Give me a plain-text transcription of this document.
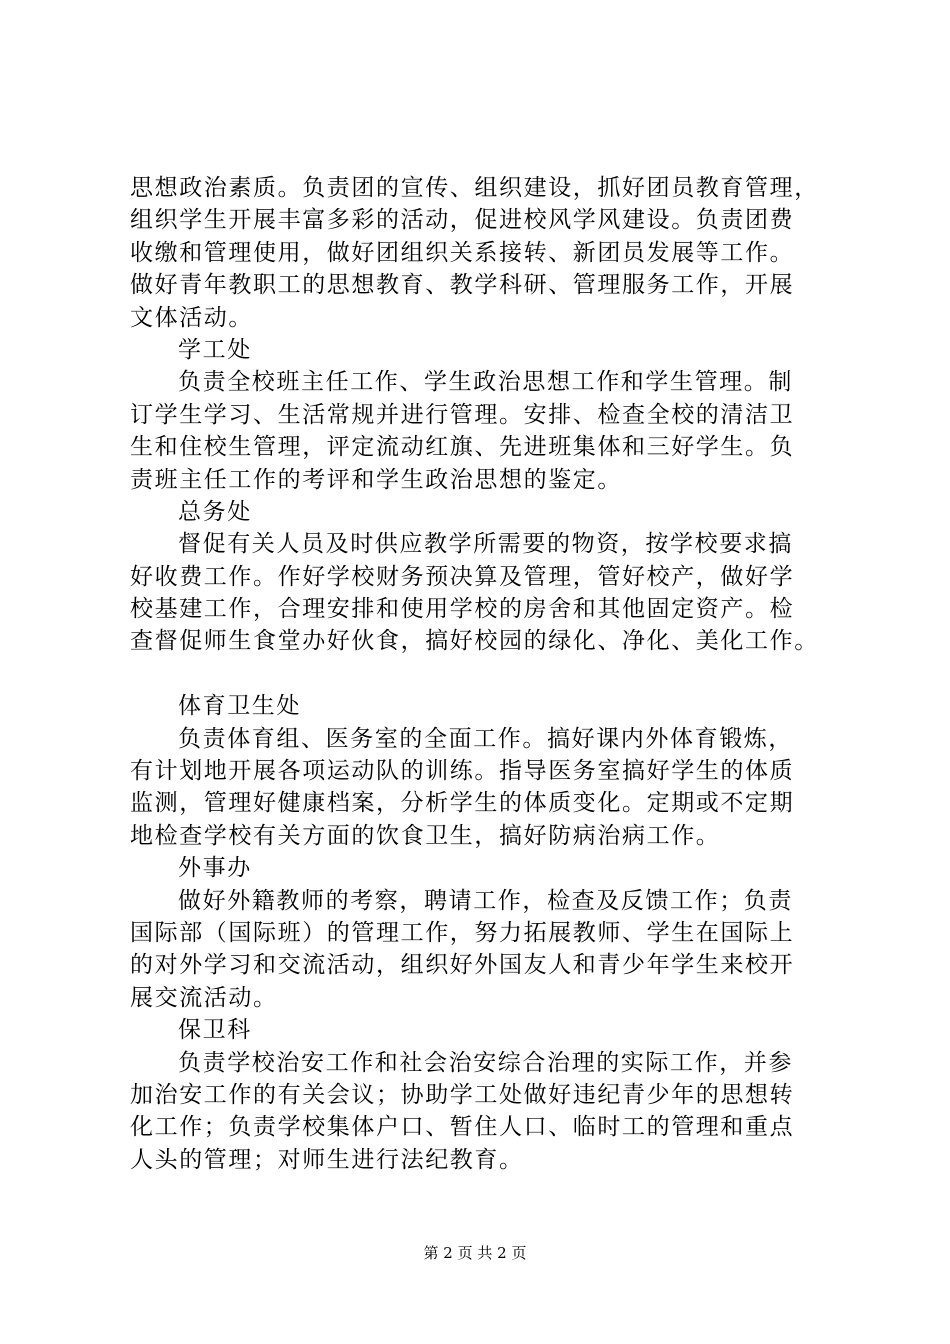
思想政治素质。负责团的宣传、组织建设，抓好团员教育管理，
组织学生开展丰富多彩的活动，促进校风学风建设。负责团费
收缴和管理使用，做好团组织关系接转、新团员发展等工作。
做好青年教职工的思想教育、教学科研、管理服务工作，开展
文体活动。
学工处
负责全校班主任工作、学生政治思想工作和学生管理。制
订学生学习、生活常规并进行管理。安排、检查全校的清洁卫
生和住校生管理，评定流动红旗、先进班集体和三好学生。负
责班主任工作的考评和学生政治思想的鉴定。
总务处
督促有关人员及时供应教学所需要的物资，按学校要求搞
好收费工作。作好学校财务预决算及管理，管好校产，做好学
校基建工作，合理安排和使用学校的房舍和其他固定资产。检
查督促师生食堂办好伙食，搞好校园的绿化、净化、美化工作。
体育卫生处
负责体育组、医务室的全面工作。搞好课内外体育锻炼，
有计划地开展各项运动队的训练。指导医务室搞好学生的体质
监测，管理好健康档案，分析学生的体质变化。定期或不定期
地检查学校有关方面的饮食卫生，搞好防病治病工作。
外事办
做好外籍教师的考察，聘请工作，检查及反馈工作；负责
国际部（国际班）的管理工作，努力拓展教师、学生在国际上
的对外学习和交流活动，组织好外国友人和青少年学生来校开
展交流活动。
保卫科
负责学校治安工作和社会治安综合治理的实际工作，并参
加治安工作的有关会议；协助学工处做好违纪青少年的思想转
化工作；负责学校集体户口、暂住人口、临时工的管理和重点
人头的管理；对师生进行法纪教育。
第 2 页 共 2 页
